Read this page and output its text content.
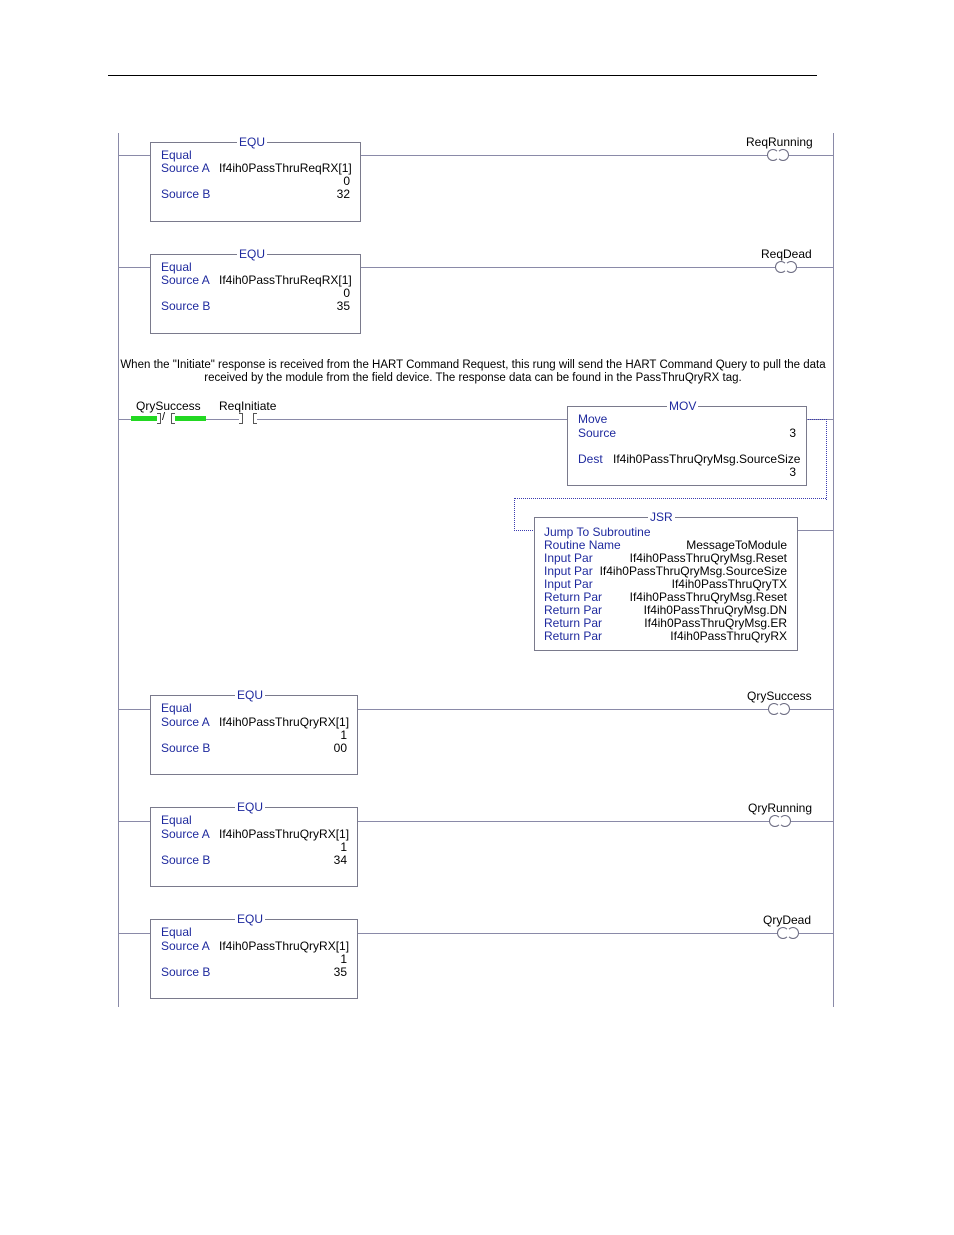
EQU
Equal
Source A If4ih0PassThruReqRX[1]
0
Source B	32
ReqRunning
EQU
Equal
Source A If4ih0PassThruReqRX[1]
0
Source B	35
ReqDead
When the "Initiate" response is received from the HART Command Request, this rung will send the HART Command Query to pull the data received by the module from the field device. The response data can be found in the PassThruQryRX tag.
QrySuccess
/
ReqInitiate	MOV
Move
Source	3
Dest If4ih0PassThruQryMsg.SourceSize
3
JSR
Jump To Subroutine
Routine Name	MessageToModule
Input Par	If4ih0PassThruQryMsg.Reset
Input Par If4ih0PassThruQryMsg.SourceSize
Input Par	If4ih0PassThruQryTX
Return Par If4ih0PassThruQryMsg.Reset
Return Par	If4ih0PassThruQryMsg.DN
Return Par	If4ih0PassThruQryMsg.ER
Return Par	If4ih0PassThruQryRX
EQU
Equal
Source A If4ih0PassThruQryRX[1]
1
Source B	00
QrySuccess
EQU
Equal
Source A If4ih0PassThruQryRX[1]
1
Source B	34
QryRunning
EQU
Equal
Source A If4ih0PassThruQryRX[1]
1
Source B	35
QryDead
